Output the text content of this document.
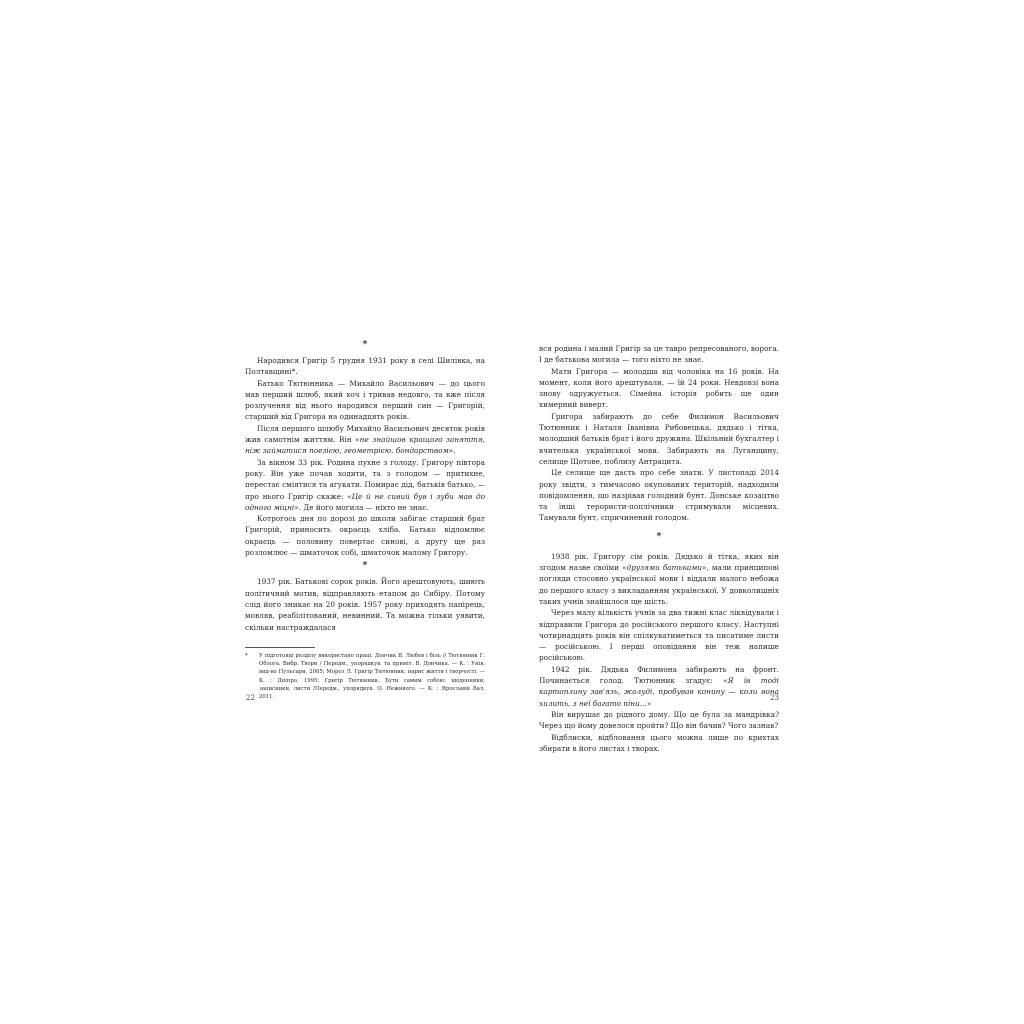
*

Народився Григір 5 грудня 1931 року в селі Шилівка, на Полтавщині*.

Батько Тютюнника — Михайло Васильович — до цього мав перший шлюб, який хоч і тривав недовго, та вже після розлучення від нього народився перший син — Григорій, старший від Григора на одинадцять років.

Після першого шлюбу Михайло Васильович десяток років жив самотнім життям. Він «не знайшов кращого заняття, ніж займатися поезією, геометрією, бондарством».

За вікном 33 рік. Родина пухне з голоду. Григору півтора року. Він уже почав ходити, та з голодом — притихне, перестає сміятися та агукати. Помирає дід, батьків батько, — про нього Григір скаже: «Це й не сивий був і зуби мав до одного міцні». Де його могила — ніхто не знає.

Котрогось дня по дорозі до школи забігає старший брат Григорій, приносить окраєць хліба. Батько відломлює окраєць — половину повертає синові, а другу ще раз розломлює — шматочок собі, шматочок малому Григору.

*

1937 рік. Батькові сорок років. Його арештовують, шиють політичний мотив, відправляють етапом до Сибіру. Потому слід його зникає на 20 років. 1957 року приходять папірець, мовляв, реабілітований, невинний. Та можна тільки уявити, скільки настраждалася

*	У підготовці розділу використано праці: Дончик В. Любов і біль // Тютюнник Г. Облога. Вибр. Твори / Передм., упорядкув. та приміт. В. Дончика. — К. : Унів. вид-во Пульсари, 2005; Мороз Л. Григір Тютюнник: нарис життя і творчості. — К. : Дніпро, 1995; Григір Тютюнник. Бути самим собою: щоденники, записники, листи /Передм., упорядкув. О. Неживого. — К. : Ярославів Вал, 2011.
22

вся родина і малий Григір за це тавро репресованого, ворога. І де батькова могила — того ніхто не знає.

Мати Григора — молодша від чоловіка на 16 років. На момент, коли його арештували, — їй 24 роки. Невдовзі вона знову одружується. Сімейна історія робить ще один химерний виверт.

Григора забирають до себе Филимон Васильович Тютюнник і Наталя Іванівна Рибовецька, дядько і тітка, молодший батьків брат і його дружина. Шкільний бухгалтер і вчителька української мови. Забирають на Луганщину, селище Щотове, поблизу Антрацита.

Це селище ще дасть про себе знати. У листопаді 2014 року звідти, з тимчасово окупованих територій, надходили повідомлення, що назрівав голодний бунт. Донське козацтво та інші терористи-поплічники стримували місцевих. Тамували бунт, спричинений голодом.

*

1938 рік. Григору сім років. Дядько й тітка, яких він згодом назве своїми «друзями батьками», мали принципові погляди стосовно української мови і віддали малого небожа до першого класу з викладанням української. У довколишніх таких учнів знайшлося ще шість.

Через малу кількість учнів за два тижні клас ліквідували і відправили Григора до російського першого класу. Наступні чотирнадцять років він спілкуватиметься та писатиме листи — російською. І перші оповідання він теж напише російською.

1942 рік. Дядька Филимона забирають на фронт. Починається голод. Тютюнник згадує: «Я їв тоді картоплину зав'язь, жолуді, пробував конину — коли вона хилить, з неї багато піни...»

Він вирушає до рідного дому. Що це була за мандрівка? Через що йому довелося пройти? Що він бачив? Чого зазнав?

Відблиски, відбловання цього можна лише по крихтах збирати в його листах і творах.

23
